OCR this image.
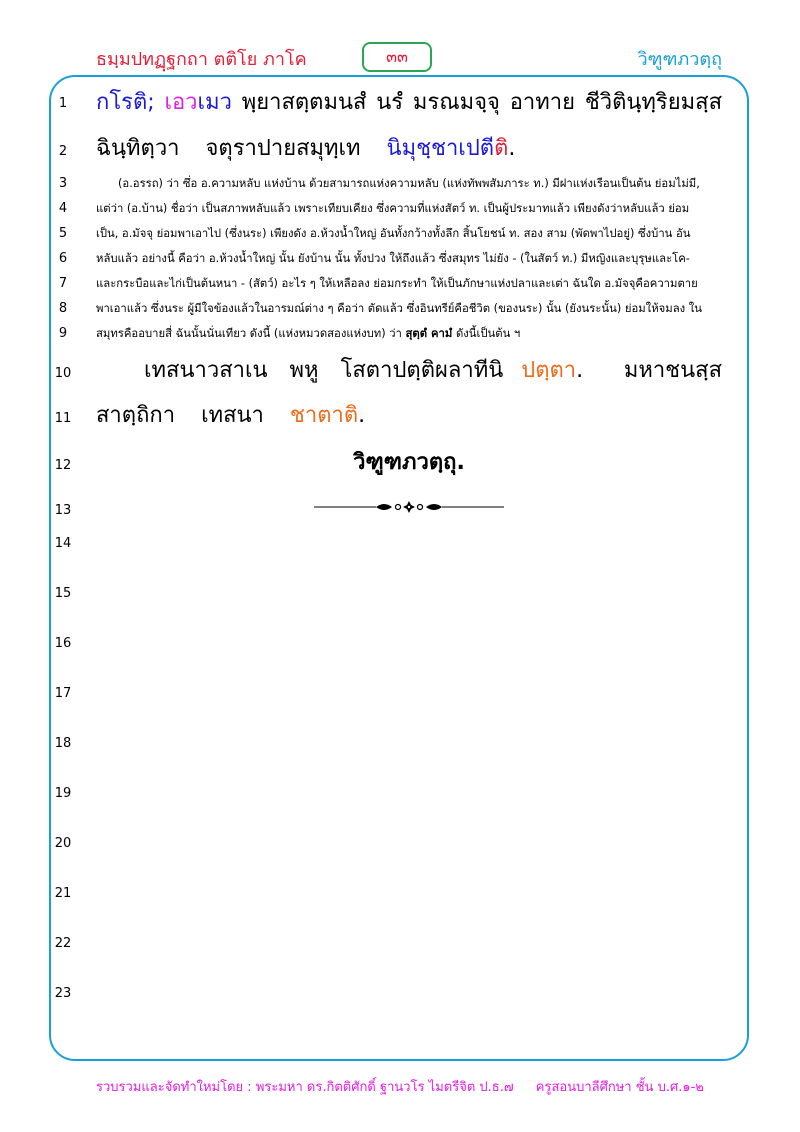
ธมฺมปทฏฺฐกถา ตติโย ภาโค	๓๓	วิฑูฑภวตฺถุ
1
2
3
4
5
6
7
8
9
10
11
12
13
14
15
16
17
18
19
20
21
22
23
กโรติ; เอวเมว พฺยาสตฺตมนสํ นรํ มรณมจฺจุ อาทาย ชีวิตินฺทฺริยมสฺส
ฉินฺทิตฺวา จตุราปายสมุทฺเท นิมุชฺชาเปตีติ.
(อ.อรรถ) ว่า ซึ่อ อ.ความหลับ แห่งบ้าน ด้วยสามารถแห่งความหลับ (แห่งทัพพสัมภาระ ท.) มีฝาแห่งเรือนเป็นต้น ย่อมไม่มี,
แต่ว่า (อ.บ้าน) ชื่อว่า เป็นสภาพหลับแล้ว เพราะเทียบเคียง ซึ่งความที่แห่งสัตว์ ท. เป็นผู้ประมาทแล้ว เพียงดังว่าหลับแล้ว ย่อม
เป็น, อ.มัจจุ ย่อมพาเอาไป (ซึ่งนระ) เพียงดัง อ.ห้วงน้ำใหญ่ อันทั้งกว้างทั้งลึก สิ้นโยชน์ ท. สอง สาม (พัดพาไปอยู่) ซึ่งบ้าน อัน
หลับแล้ว อย่างนี้ คือว่า อ.ห้วงน้ำใหญ่ นั้น ยังบ้าน นั้น ทั้งปวง ให้ถึงแล้ว ซึ่งสมุทร ไม่ยัง - (ในสัตว์ ท.) มีหญิงและบุรุษและโค-
และกระบือและไก่เป็นต้นหนา - (สัตว์) อะไร ๆ ให้เหลือลง ย่อมกระทำ ให้เป็นภักษาแห่งปลาและเต่า ฉันใด อ.มัจจุคือความตาย
พาเอาแล้ว ซึ่งนระ ผู้มีใจข้องแล้วในอารมณ์ต่าง ๆ คือว่า ตัดแล้ว ซึ่งอินทรีย์คือชีวิต (ของนระ) นั้น (ยังนระนั้น) ย่อมให้จมลง ใน
สมุทรคืออบายสี่ ฉันนั้นนั่นเทียว ดังนี้ (แห่งหมวดสองแห่งบท) ว่า สุตฺตํ คามํ ดังนี้เป็นต้น ฯ
เทสนาวสาเน พหู โสตาปตฺติผลาทีนิ ปตฺตา. มหาชนสฺส
สาตฺถิกา เทสนา ชาตาติ.
วิฑูฑภวตฺถุ.
รวบรวมและจัดทำใหม่โดย : พระมหา ดร.กิตติศักดิ์ ฐานวโร ไมตรีจิต ป.ธ.๗ ครูสอนบาลีศึกษา ชั้น บ.ศ.๑-๒
